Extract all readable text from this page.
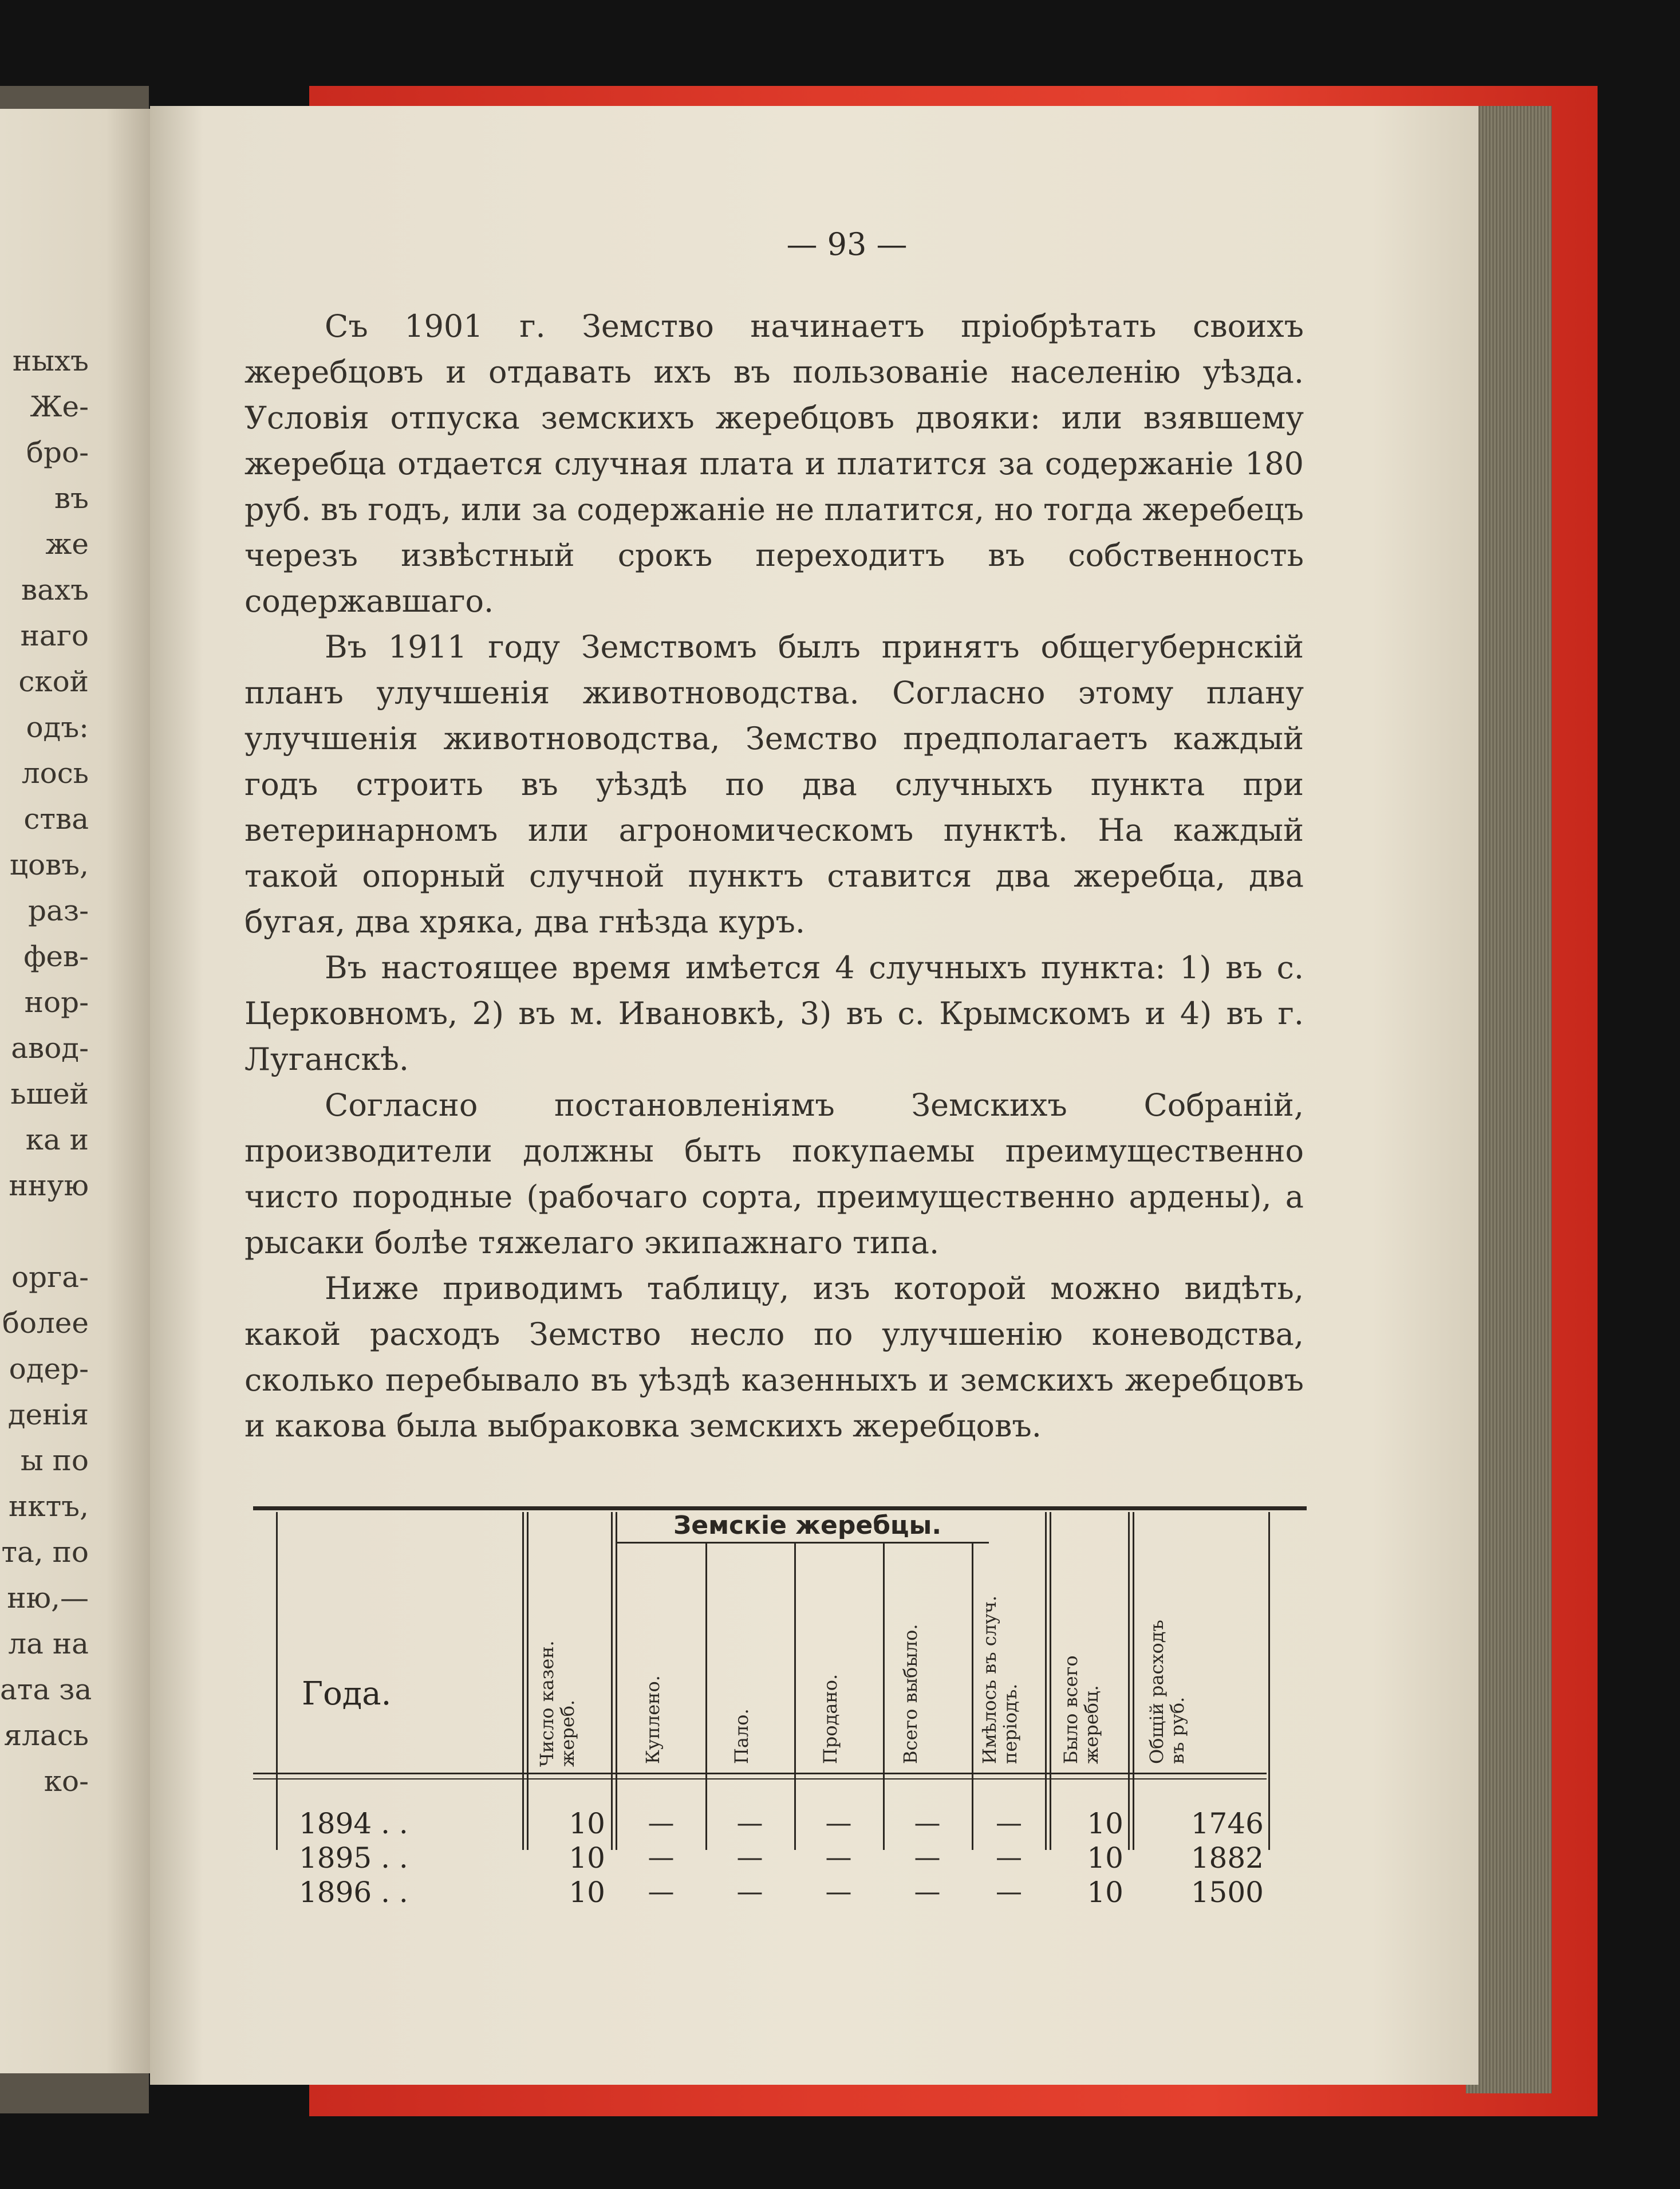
ныхъ
Же-
бро-
въ
же
вахъ
наго
ской
одъ:
лось
ства
цовъ,
раз-
фев-
нор-
авод-
ьшей
ка и
нную
орга-
более
одер-
денія
ы по
нктъ,
та, по
ню,—
ла на
ата за
ялась
ко-
— 93 —

Съ 1901 г. Земство начинаетъ пріобрѣтать своихъ жеребцовъ и отдавать ихъ въ пользованіе населенію уѣзда. Условія отпуска земскихъ жеребцовъ двояки: или взявшему жеребца отдается случная плата и платится за содержаніе 180 руб. въ годъ, или за содержаніе не платится, но тогда жеребецъ черезъ извѣстный срокъ переходитъ въ собственность содержавшаго.

Въ 1911 году Земствомъ былъ принятъ общегубернскій планъ улучшенія животноводства. Согласно этому плану улучшенія животноводства, Земство предполагаетъ каждый годъ строить въ уѣздѣ по два случныхъ пункта при ветеринарномъ или агрономическомъ пунктѣ. На каждый такой опорный случной пунктъ ставится два жеребца, два бугая, два хряка, два гнѣзда куръ.

Въ настоящее время имѣется 4 случныхъ пункта: 1) въ с. Церковномъ, 2) въ м. Ивановкѣ, 3) въ с. Крымскомъ и 4) въ г. Луганскѣ.

Согласно постановленіямъ Земскихъ Собраній, производители должны быть покупаемы преимущественно чисто породные (рабочаго сорта, преимущественно ардены), а рысаки болѣе тяжелаго экипажнаго типа.

Ниже приводимъ таблицу, изъ которой можно видѣть, какой расходъ Земство несло по улучшенію коневодства, сколько перебывало въ уѣздѣ казенныхъ и земскихъ жеребцовъ и какова была выбраковка земскихъ жеребцовъ.

Года.	Число казен. жереб.
Земскіе жеребцы.
Куплено.	Пало.	Продано.	Всего выбыло.	Имѣлось въ случ. періодъ.	Было всего жеребц.	Общій расходъ въ руб.
1894 . .	10	—	—	—	—	—	10	1746
1895 . .	10	—	—	—	—	—	10	1882
1896 . .	10	—	—	—	—	—	10	1500
